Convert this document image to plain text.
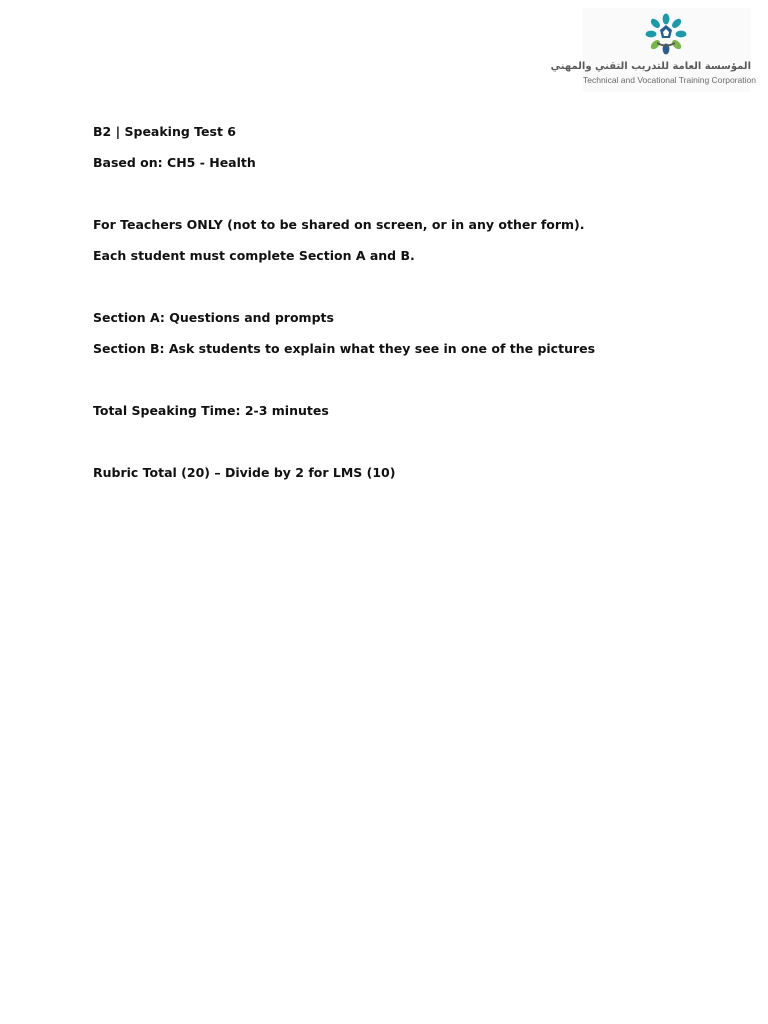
المؤسسة العامة للتدريب التقني والمهني
Technical and Vocational Training Corporation

B2 | Speaking Test 6

Based on: CH5 - Health

For Teachers ONLY (not to be shared on screen, or in any other form).

Each student must complete Section A and B.

Section A: Questions and prompts

Section B: Ask students to explain what they see in one of the pictures

Total Speaking Time: 2-3 minutes

Rubric Total (20) – Divide by 2 for LMS (10)
